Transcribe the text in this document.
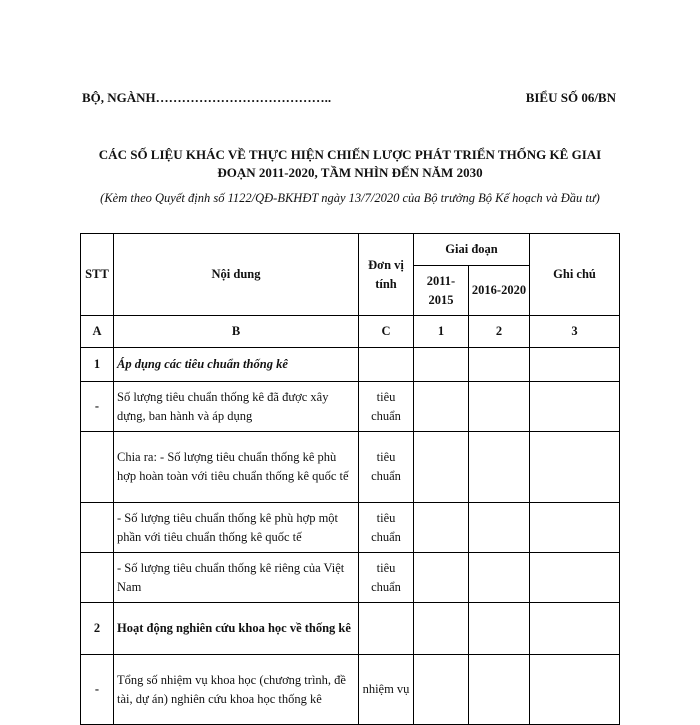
BỘ, NGÀNH…………………………………..	BIỂU SỐ 06/BN
CÁC SỐ LIỆU KHÁC VỀ THỰC HIỆN CHIẾN LƯỢC PHÁT TRIỂN THỐNG KÊ GIAI
ĐOẠN 2011-2020, TẦM NHÌN ĐẾN NĂM 2030
(Kèm theo Quyết định số 1122/QĐ-BKHĐT ngày 13/7/2020 của Bộ trưởng Bộ Kế hoạch và Đầu tư)
STT	Nội dung	Đơn vị tính	Giai đoạn		Ghi chú
			2011-2015	2016-2020	
A	B	C	1	2	3
1	Áp dụng các tiêu chuẩn thống kê				
-	Số lượng tiêu chuẩn thống kê đã được xây dựng, ban hành và áp dụng	tiêu chuẩn			
	Chia ra: - Số lượng tiêu chuẩn thống kê phù hợp hoàn toàn với tiêu chuẩn thống kê quốc tế	tiêu chuẩn			
	- Số lượng tiêu chuẩn thống kê phù hợp một phần với tiêu chuẩn thống kê quốc tế	tiêu chuẩn			
	- Số lượng tiêu chuẩn thống kê riêng của Việt Nam	tiêu chuẩn			
2	Hoạt động nghiên cứu khoa học về thống kê				
-	Tổng số nhiệm vụ khoa học (chương trình, đề tài, dự án) nghiên cứu khoa học thống kê	nhiệm vụ			
